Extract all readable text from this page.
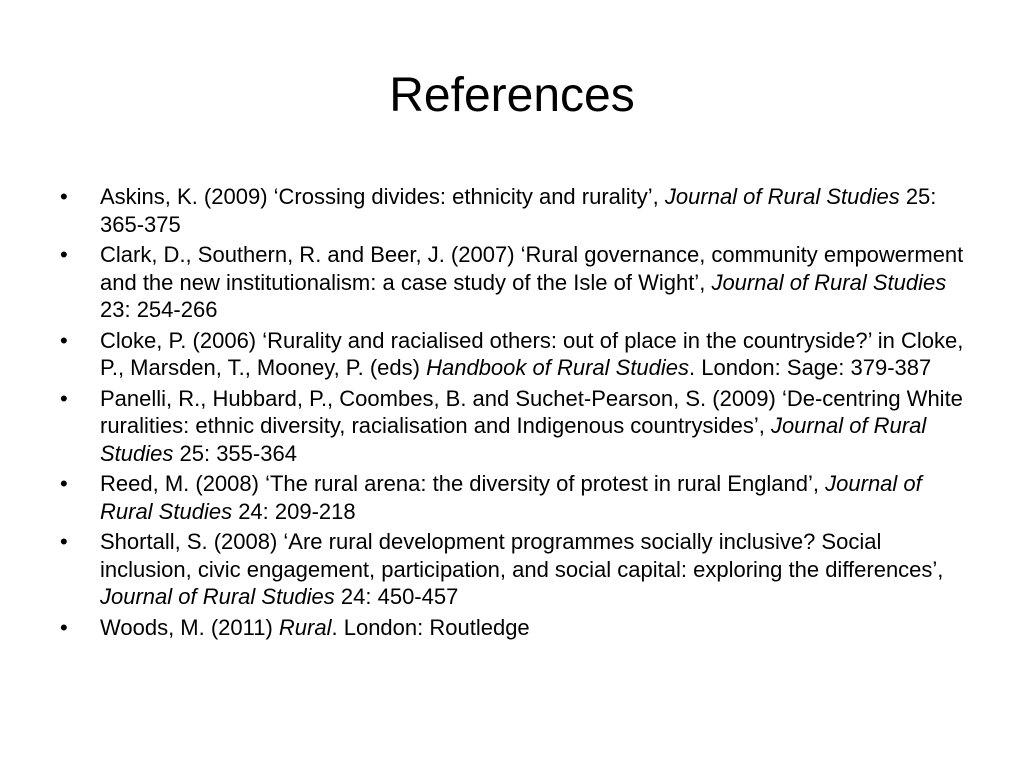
References
• Askins, K. (2009) ‘Crossing divides: ethnicity and rurality’, Journal of Rural Studies 25: 365-375
• Clark, D., Southern, R. and Beer, J. (2007) ‘Rural governance, community empowerment and the new institutionalism: a case study of the Isle of Wight’, Journal of Rural Studies 23: 254-266
• Cloke, P. (2006) ‘Rurality and racialised others: out of place in the countryside?’ in Cloke, P., Marsden, T., Mooney, P. (eds) Handbook of Rural Studies. London: Sage: 379-387
• Panelli, R., Hubbard, P., Coombes, B. and Suchet-Pearson, S. (2009) ‘De-centring White ruralities: ethnic diversity, racialisation and Indigenous countrysides’, Journal of Rural Studies 25: 355-364
• Reed, M. (2008) ‘The rural arena: the diversity of protest in rural England’, Journal of Rural Studies 24: 209-218
• Shortall, S. (2008) ‘Are rural development programmes socially inclusive? Social inclusion, civic engagement, participation, and social capital: exploring the differences’, Journal of Rural Studies 24: 450-457
• Woods, M. (2011) Rural. London: Routledge
